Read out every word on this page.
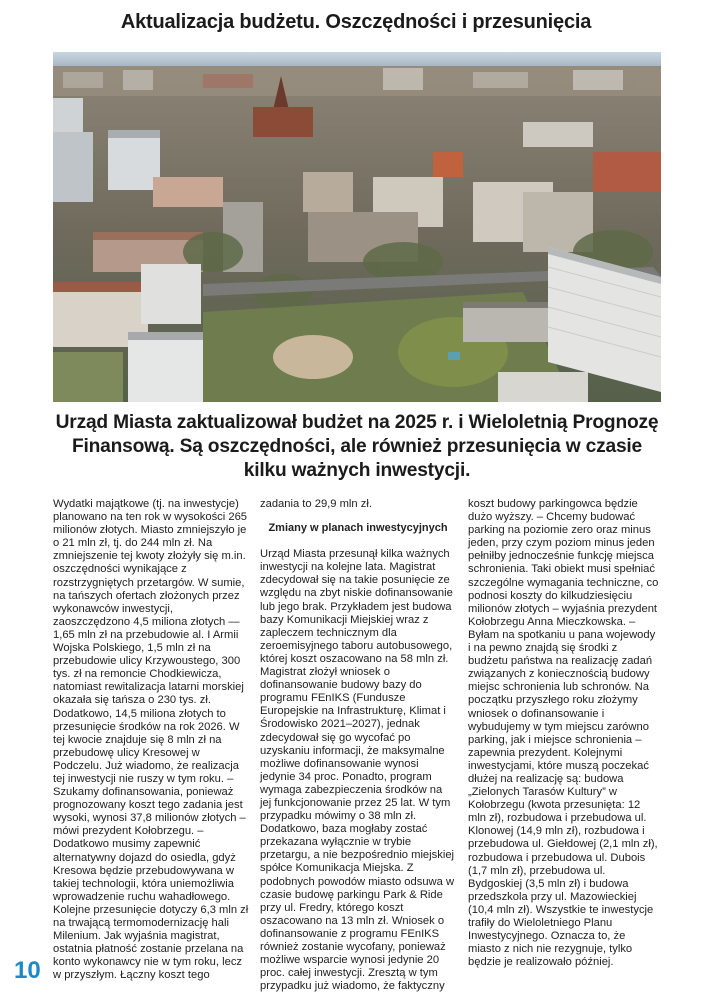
Aktualizacja budżetu. Oszczędności i przesunięcia
Urząd Miasta zaktualizował budżet na 2025 r. i Wieloletnią Prognozę Finansową. Są oszczędności, ale również przesunięcia w czasie kilku ważnych inwestycji.

Wydatki majątkowe (tj. na inwestycje) planowano na ten rok w wysokości 265 milionów złotych. Miasto zmniejszyło je o 21 mln zł, tj. do 244 mln zł. Na zmniejszenie tej kwoty złożyły się m.in. oszczędności wynikające z rozstrzygniętych przetargów. W sumie, na tańszych ofertach złożonych przez wykonawców inwestycji, zaoszczędzono 4,5 miliona złotych — 1,65 mln zł na przebudowie al. I Armii Wojska Polskiego, 1,5 mln zł na przebudowie ulicy Krzywoustego, 300 tys. zł na remoncie Chodkiewicza, natomiast rewitalizacja latarni morskiej okazała się tańsza o 230 tys. zł. Dodatkowo, 14,5 miliona złotych to przesunięcie środków na rok 2026. W tej kwocie znajduje się 8 mln zł na przebudowę ulicy Kresowej w Podczelu. Już wiadomo, że realizacja tej inwestycji nie ruszy w tym roku. – Szukamy dofinansowania, ponieważ prognozowany koszt tego zadania jest wysoki, wynosi 37,8 milionów złotych – mówi prezydent Kołobrzegu. – Dodatkowo musimy zapewnić alternatywny dojazd do osiedla, gdyż Kresowa będzie przebudowywana w takiej technologii, która uniemożliwia wprowadzenie ruchu wahadłowego. Kolejne przesunięcie dotyczy 6,3 mln zł na trwającą termomodernizację hali Milenium. Jak wyjaśnia magistrat, ostatnia płatność zostanie przelana na konto wykonawcy nie w tym roku, lecz w przyszłym. Łączny koszt tego

zadania to 29,9 mln zł.

Zmiany w planach inwestycyjnych

Urząd Miasta przesunął kilka ważnych inwestycji na kolejne lata. Magistrat zdecydował się na takie posunięcie ze względu na zbyt niskie dofinansowanie lub jego brak. Przykładem jest budowa bazy Komunikacji Miejskiej wraz z zapleczem technicznym dla zeroemisyjnego taboru autobusowego, której koszt oszacowano na 58 mln zł. Magistrat złożył wniosek o dofinansowanie budowy bazy do programu FEnIKS (Fundusze Europejskie na Infrastrukturę, Klimat i Środowisko 2021–2027), jednak zdecydował się go wycofać po uzyskaniu informacji, że maksymalne możliwe dofinansowanie wynosi jedynie 34 proc. Ponadto, program wymaga zabezpieczenia środków na jej funkcjonowanie przez 25 lat. W tym przypadku mówimy o 38 mln zł. Dodatkowo, baza mogłaby zostać przekazana wyłącznie w trybie przetargu, a nie bezpośrednio miejskiej spółce Komunikacja Miejska. Z podobnych powodów miasto odsuwa w czasie budowę parkingu Park & Ride przy ul. Fredry, którego koszt oszacowano na 13 mln zł. Wniosek o dofinansowanie z programu FEnIKS również zostanie wycofany, ponieważ możliwe wsparcie wynosi jedynie 20 proc. całej inwestycji. Zresztą w tym przypadku już wiadomo, że faktyczny

koszt budowy parkingowca będzie dużo wyższy. – Chcemy budować parking na poziomie zero oraz minus jeden, przy czym poziom minus jeden pełniłby jednocześnie funkcję miejsca schronienia. Taki obiekt musi spełniać szczególne wymagania techniczne, co podnosi koszty do kilkudziesięciu milionów złotych – wyjaśnia prezydent Kołobrzegu Anna Mieczkowska. – Byłam na spotkaniu u pana wojewody i na pewno znajdą się środki z budżetu państwa na realizację zadań związanych z koniecznością budowy miejsc schronienia lub schronów. Na początku przyszłego roku złożymy wniosek o dofinansowanie i wybudujemy w tym miejscu zarówno parking, jak i miejsce schronienia – zapewnia prezydent. Kolejnymi inwestycjami, które muszą poczekać dłużej na realizację są: budowa „Zielonych Tarasów Kultury” w Kołobrzegu (kwota przesunięta: 12 mln zł), rozbudowa i przebudowa ul. Klonowej (14,9 mln zł), rozbudowa i przebudowa ul. Giełdowej (2,1 mln zł), rozbudowa i przebudowa ul. Dubois (1,7 mln zł), przebudowa ul. Bydgoskiej (3,5 mln zł) i budowa przedszkola przy ul. Mazowieckiej (10,4 mln zł). Wszystkie te inwestycje trafiły do Wieloletniego Planu Inwestycyjnego. Oznacza to, że miasto z nich nie rezygnuje, tylko będzie je realizowało później.

10
